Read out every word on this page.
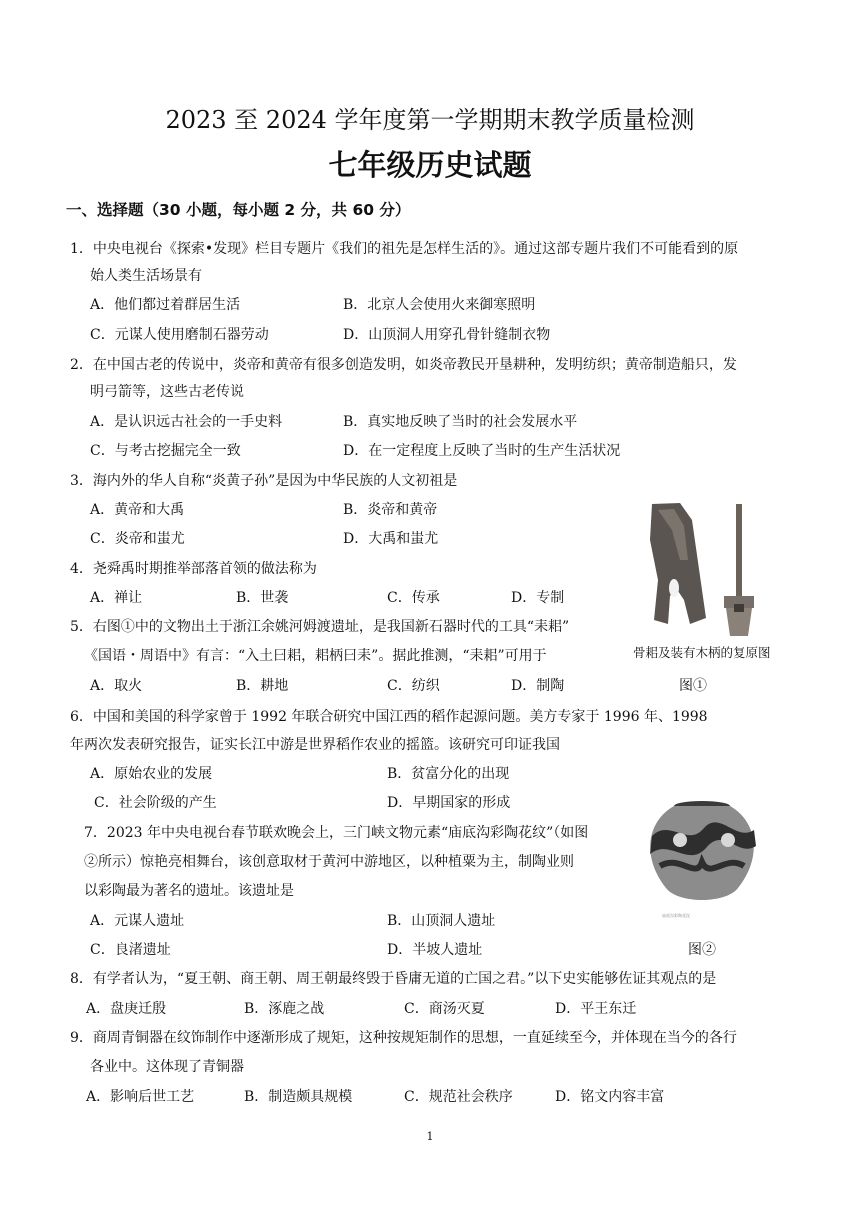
2023 至 2024 学年度第一学期期末教学质量检测
七年级历史试题
一、选择题（30 小题，每小题 2 分，共 60 分）
1．中央电视台《探索•发现》栏目专题片《我们的祖先是怎样生活的》。通过这部专题片我们不可能看到的原
始人类生活场景有
A．他们都过着群居生活	B．北京人会使用火来御寒照明
C．元谋人使用磨制石器劳动	D．山顶洞人用穿孔骨针缝制衣物
2．在中国古老的传说中，炎帝和黄帝有很多创造发明，如炎帝教民开垦耕种，发明纺织；黄帝制造船只，发
明弓箭等，这些古老传说
A．是认识远古社会的一手史料	B．真实地反映了当时的社会发展水平
C．与考古挖掘完全一致	D．在一定程度上反映了当时的生产生活状况
3．海内外的华人自称“炎黄子孙”是因为中华民族的人文初祖是
A．黄帝和大禹	B．炎帝和黄帝
C．炎帝和蚩尤	D．大禹和蚩尤
4．尧舜禹时期推举部落首领的做法称为
A．禅让	B．世袭	C．传承	D．专制
5．右图①中的文物出土于浙江余姚河姆渡遗址，是我国新石器时代的工具“耒耜”
《国语・周语中》有言：“入土曰耜，耜柄曰耒”。据此推测，“耒耜”可用于
A．取火	B．耕地	C．纺织	D．制陶
骨耜及装有木柄的复原图
图①
6．中国和美国的科学家曾于 1992 年联合研究中国江西的稻作起源问题。美方专家于 1996 年、1998
年两次发表研究报告，证实长江中游是世界稻作农业的摇篮。该研究可印证我国
A．原始农业的发展	B．贫富分化的出现
C．社会阶级的产生	D．早期国家的形成
庙底沟彩陶花纹
7．2023 年中央电视台春节联欢晚会上，三门峡文物元素“庙底沟彩陶花纹”（如图
②所示）惊艳亮相舞台，该创意取材于黄河中游地区，以种植粟为主，制陶业则
以彩陶最为著名的遗址。该遗址是
A．元谋人遗址	B．山顶洞人遗址
C．良渚遗址	D．半坡人遗址	图②
8．有学者认为，“夏王朝、商王朝、周王朝最终毁于昏庸无道的亡国之君。”以下史实能够佐证其观点的是
A．盘庚迁殷	B．涿鹿之战	C．商汤灭夏	D．平王东迁
9．商周青铜器在纹饰制作中逐渐形成了规矩，这种按规矩制作的思想，一直延续至今，并体现在当今的各行
各业中。这体现了青铜器
A．影响后世工艺	B．制造颇具规模	C．规范社会秩序	D．铭文内容丰富
1
